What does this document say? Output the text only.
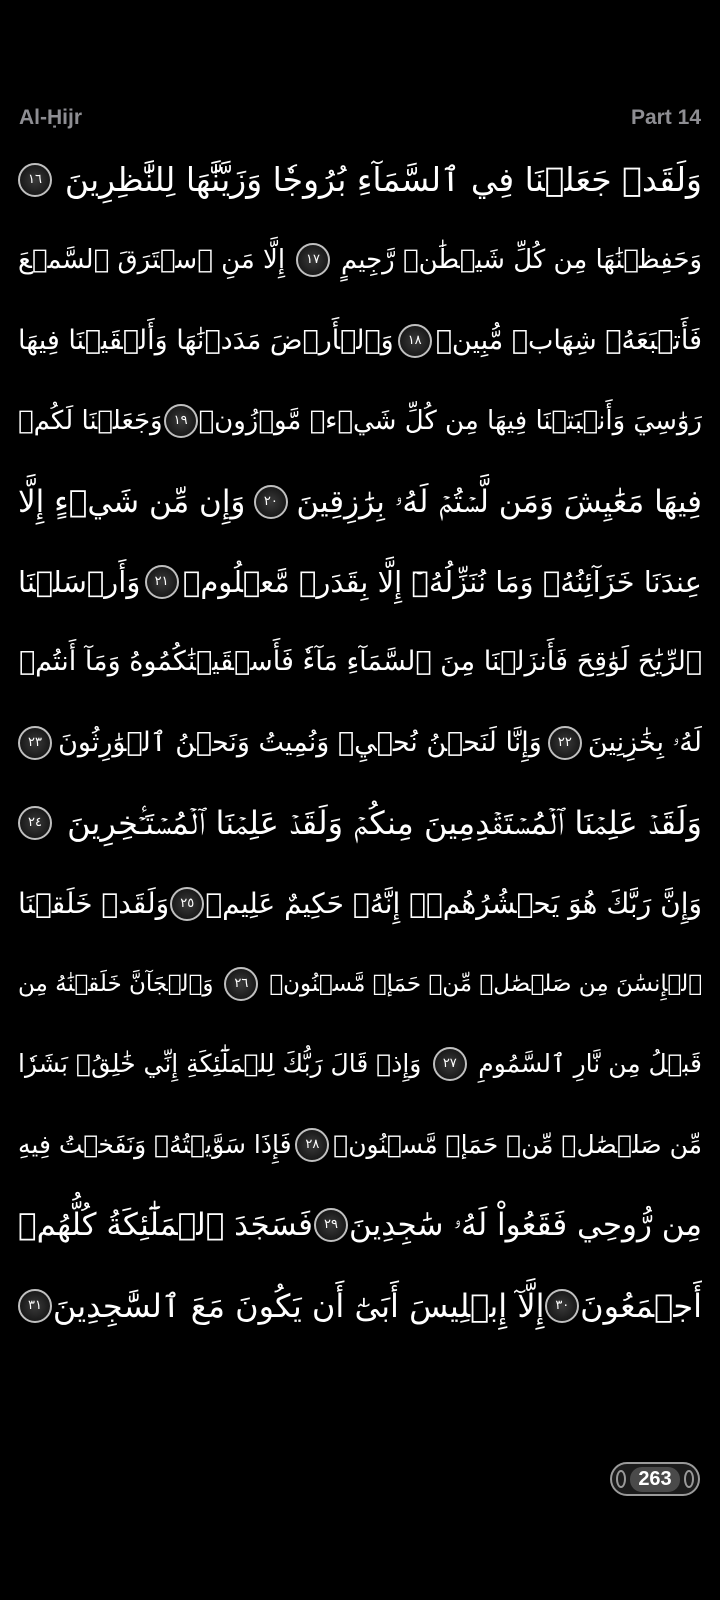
Al-Ḥijr	Part 14
وَلَقَدۡ جَعَلۡنَا فِي ٱلسَّمَآءِ بُرُوجٗا وَزَيَّنَّٰهَا لِلنَّٰظِرِينَ
١٦
وَحَفِظۡنَٰهَا مِن كُلِّ شَيۡطَٰنٖ رَّجِيمٍ
١٧
إِلَّا مَنِ ٱسۡتَرَقَ ٱلسَّمۡعَ
فَأَتۡبَعَهُۥ شِهَابٞ مُّبِينٞ
١٨
وَٱلۡأَرۡضَ مَدَدۡنَٰهَا وَأَلۡقَيۡنَا فِيهَا
رَوَٰسِيَ وَأَنۢبَتۡنَا فِيهَا مِن كُلِّ شَيۡءٖ مَّوۡزُونٖ
١٩
وَجَعَلۡنَا لَكُمۡ
فِيهَا مَعَٰيِشَ وَمَن لَّسۡتُمۡ لَهُۥ بِرَٰزِقِينَ
٢٠
وَإِن مِّن شَيۡءٍ إِلَّا
عِندَنَا خَزَآئِنُهُۥ وَمَا نُنَزِّلُهُۥٓ إِلَّا بِقَدَرٖ مَّعۡلُومٖ
٢١
وَأَرۡسَلۡنَا
ٱلرِّيَٰحَ لَوَٰقِحَ فَأَنزَلۡنَا مِنَ ٱلسَّمَآءِ مَآءٗ فَأَسۡقَيۡنَٰكُمُوهُ وَمَآ أَنتُمۡ
لَهُۥ بِخَٰزِنِينَ
٢٢
وَإِنَّا لَنَحۡنُ نُحۡيِۦ وَنُمِيتُ وَنَحۡنُ ٱلۡوَٰرِثُونَ
٢٣
وَلَقَدۡ عَلِمۡنَا ٱلۡمُسۡتَقۡدِمِينَ مِنكُمۡ وَلَقَدۡ عَلِمۡنَا ٱلۡمُسۡتَـٔۡخِرِينَ
٢٤
وَإِنَّ رَبَّكَ هُوَ يَحۡشُرُهُمۡۚ إِنَّهُۥ حَكِيمٌ عَلِيمٞ
٢٥
وَلَقَدۡ خَلَقۡنَا
ٱلۡإِنسَٰنَ مِن صَلۡصَٰلٖ مِّنۡ حَمَإٖ مَّسۡنُونٖ
٢٦
وَٱلۡجَآنَّ خَلَقۡنَٰهُ مِن
قَبۡلُ مِن نَّارِ ٱلسَّمُومِ
٢٧
وَإِذۡ قَالَ رَبُّكَ لِلۡمَلَٰٓئِكَةِ إِنِّي خَٰلِقُۢ بَشَرٗا
مِّن صَلۡصَٰلٖ مِّنۡ حَمَإٖ مَّسۡنُونٖ
٢٨
فَإِذَا سَوَّيۡتُهُۥ وَنَفَخۡتُ فِيهِ
مِن رُّوحِي فَقَعُواْ لَهُۥ سَٰجِدِينَ
٢٩
فَسَجَدَ ٱلۡمَلَٰٓئِكَةُ كُلُّهُمۡ
أَجۡمَعُونَ
٣٠
إِلَّآ إِبۡلِيسَ أَبَىٰٓ أَن يَكُونَ مَعَ ٱلسَّٰجِدِينَ
٣١
263
